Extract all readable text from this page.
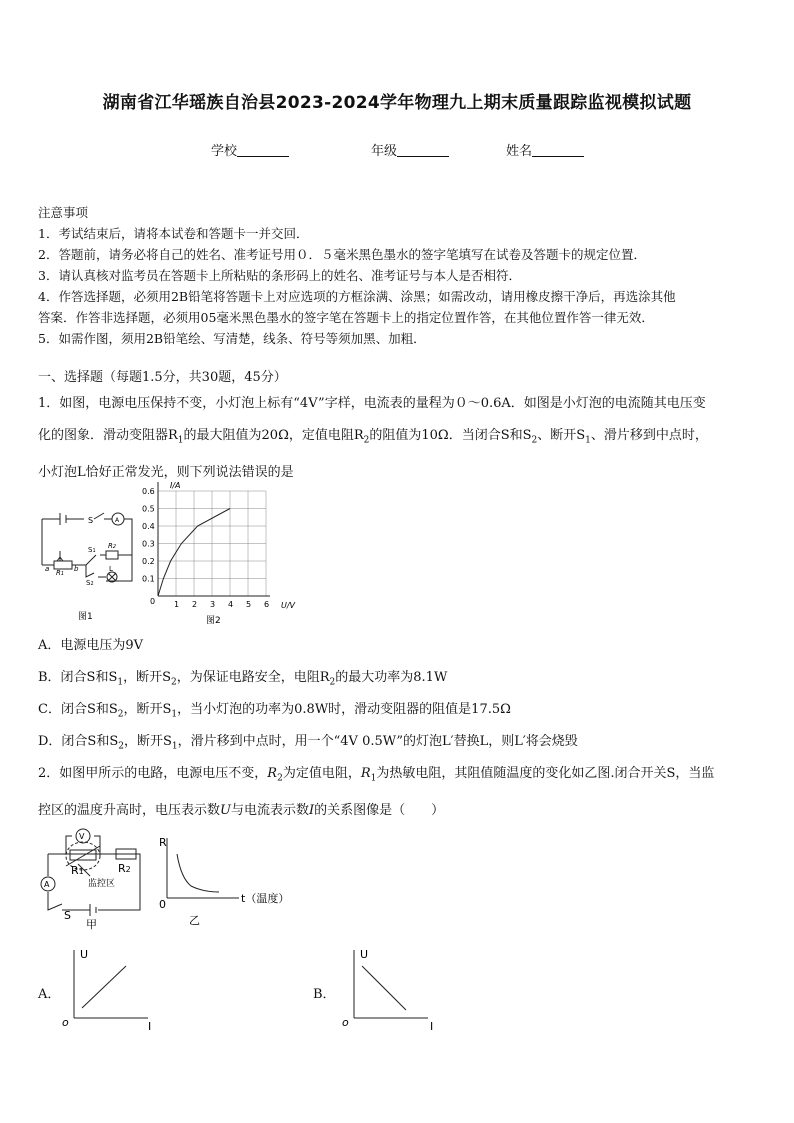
湖南省江华瑶族自治县2023-2024学年物理九上期末质量跟踪监视模拟试题
学校	年级	姓名
注意事项
1．考试结束后，请将本试卷和答题卡一并交回．
2．答题前，请务必将自己的姓名、准考证号用０．５毫米黑色墨水的签字笔填写在试卷及答题卡的规定位置．
3．请认真核对监考员在答题卡上所粘贴的条形码上的姓名、准考证号与本人是否相符．
4．作答选择题，必须用2B铅笔将答题卡上对应选项的方框涂满、涂黑；如需改动，请用橡皮擦干净后，再选涂其他
答案．作答非选择题，必须用05毫米黑色墨水的签字笔在答题卡上的指定位置作答，在其他位置作答一律无效．
5．如需作图，须用2B铅笔绘、写清楚，线条、符号等须加黑、加粗．
一、选择题（每题1.5分，共30题，45分）
1．如图，电源电压保持不变，小灯泡上标有“4V”字样，电流表的量程为０～0.6A．如图是小灯泡的电流随其电压变
化的图象．滑动变阻器$R_1$的最大阻值为20Ω，定值电阻$R_2$的阻值为10Ω．当闭合S和$S_2$、断开$S_1$、滑片移到中点时，
小灯泡L恰好正常发光，则下列说法错误的是
S	A
S1
R2
S2
L
a R1
b
图1
1 2 3 4 5 6
0.1
0.2
0.3
0.4
0.5
0.6
I/A
U/V
0
图2
A．电源电压为9V
B．闭合S和$S_1$，断开$S_2$，为保证电路安全，电阻$R_2$的最大功率为8.1W
C．闭合S和$S_2$，断开$S_1$，当小灯泡的功率为0.8W时，滑动变阻器的阻值是17.5Ω
D．闭合S和$S_2$，断开$S_1$，滑片移到中点时，用一个“4V 0.5W”的灯泡L′替换L，则L′将会烧毁
2．如图甲所示的电路，电源电压不变，$R_2$为定值电阻，$R_1$为热敏电阻，其阻值随温度的变化如乙图.闭合开关S，当监
控区的温度升高时，电压表示数U与电流表示数I的关系图像是（　　）
V
R1	R2
A	监控区
S
甲
R
0	t（温度）
乙
A．
U
o	I
B．
U
o	I
